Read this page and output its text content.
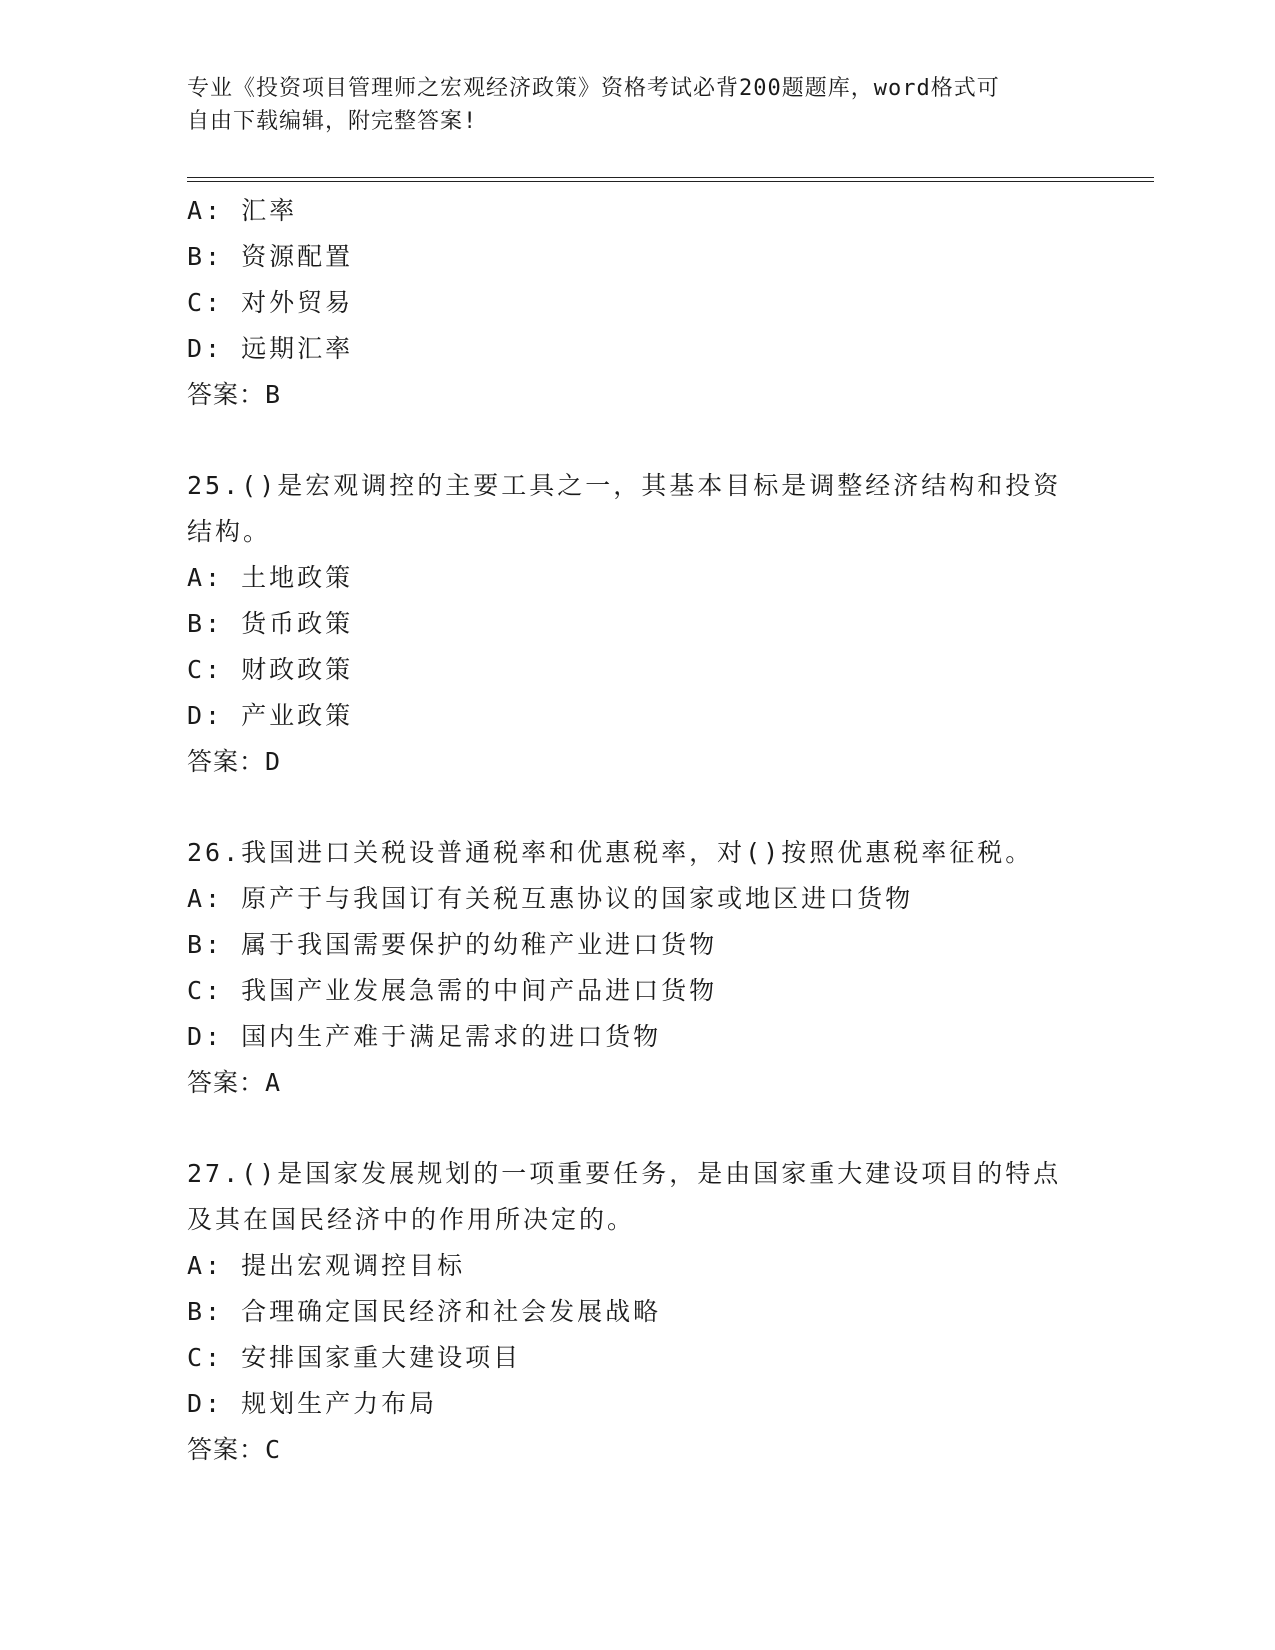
专业《投资项目管理师之宏观经济政策》资格考试必背200题题库，word格式可
自由下载编辑，附完整答案!
A: 汇率
B: 资源配置
C: 对外贸易
D: 远期汇率
答案：B
25.()是宏观调控的主要工具之一，其基本目标是调整经济结构和投资
结构。
A: 土地政策
B: 货币政策
C: 财政政策
D: 产业政策
答案：D
26.我国进口关税设普通税率和优惠税率，对()按照优惠税率征税。
A: 原产于与我国订有关税互惠协议的国家或地区进口货物
B: 属于我国需要保护的幼稚产业进口货物
C: 我国产业发展急需的中间产品进口货物
D: 国内生产难于满足需求的进口货物
答案：A
27.()是国家发展规划的一项重要任务，是由国家重大建设项目的特点
及其在国民经济中的作用所决定的。
A: 提出宏观调控目标
B: 合理确定国民经济和社会发展战略
C: 安排国家重大建设项目
D: 规划生产力布局
答案：C
